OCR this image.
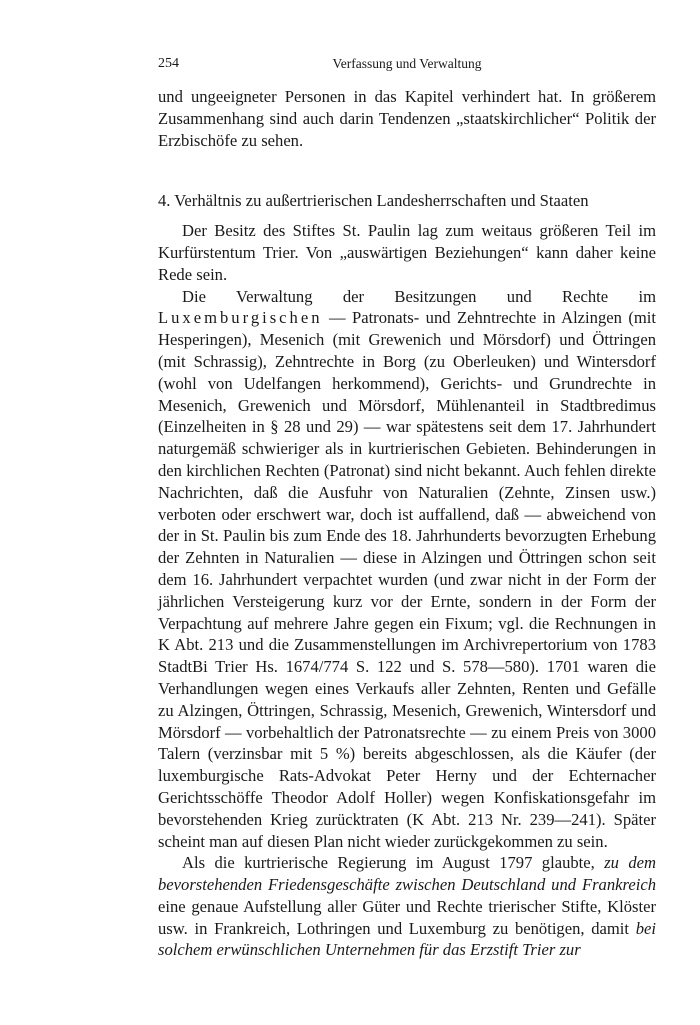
254	Verfassung und Verwaltung

und ungeeigneter Personen in das Kapitel verhindert hat. In größerem Zusammenhang sind auch darin Tendenzen „staatskirchlicher“ Politik der Erzbischöfe zu sehen.

4. Verhältnis zu außertrierischen Landesherrschaften und Staaten

Der Besitz des Stiftes St. Paulin lag zum weitaus größeren Teil im Kurfürstentum Trier. Von „auswärtigen Beziehungen“ kann daher keine Rede sein.

Die Verwaltung der Besitzungen und Rechte im Luxemburgischen — Patronats- und Zehntrechte in Alzingen (mit Hesperingen), Mesenich (mit Grewenich und Mörsdorf) und Öttringen (mit Schrassig), Zehntrechte in Borg (zu Oberleuken) und Wintersdorf (wohl von Udelfangen herkommend), Gerichts- und Grundrechte in Mesenich, Grewenich und Mörsdorf, Mühlenanteil in Stadtbredimus (Einzelheiten in § 28 und 29) — war spätestens seit dem 17. Jahrhundert naturgemäß schwieriger als in kurtrierischen Gebieten. Behinderungen in den kirchlichen Rechten (Patronat) sind nicht bekannt. Auch fehlen direkte Nachrichten, daß die Ausfuhr von Naturalien (Zehnte, Zinsen usw.) verboten oder erschwert war, doch ist auffallend, daß — abweichend von der in St. Paulin bis zum Ende des 18. Jahrhunderts bevorzugten Erhebung der Zehnten in Naturalien — diese in Alzingen und Öttringen schon seit dem 16. Jahrhundert verpachtet wurden (und zwar nicht in der Form der jährlichen Versteigerung kurz vor der Ernte, sondern in der Form der Verpachtung auf mehrere Jahre gegen ein Fixum; vgl. die Rechnungen in K Abt. 213 und die Zusammenstellungen im Archivrepertorium von 1783 StadtBi Trier Hs. 1674/774 S. 122 und S. 578—580). 1701 waren die Verhandlungen wegen eines Verkaufs aller Zehnten, Renten und Gefälle zu Alzingen, Öttringen, Schrassig, Mesenich, Grewenich, Wintersdorf und Mörsdorf — vorbehaltlich der Patronatsrechte — zu einem Preis von 3000 Talern (verzinsbar mit 5 %) bereits abgeschlossen, als die Käufer (der luxemburgische Rats-Advokat Peter Herny und der Echternacher Gerichtsschöffe Theodor Adolf Holler) wegen Konfiskationsgefahr im bevorstehenden Krieg zurücktraten (K Abt. 213 Nr. 239—241). Später scheint man auf diesen Plan nicht wieder zurückgekommen zu sein.

Als die kurtrierische Regierung im August 1797 glaubte, zu dem bevorstehenden Friedensgeschäfte zwischen Deutschland und Frankreich eine genaue Aufstellung aller Güter und Rechte trierischer Stifte, Klöster usw. in Frankreich, Lothringen und Luxemburg zu benötigen, damit bei solchem erwünschlichen Unternehmen für das Erzstift Trier zur
